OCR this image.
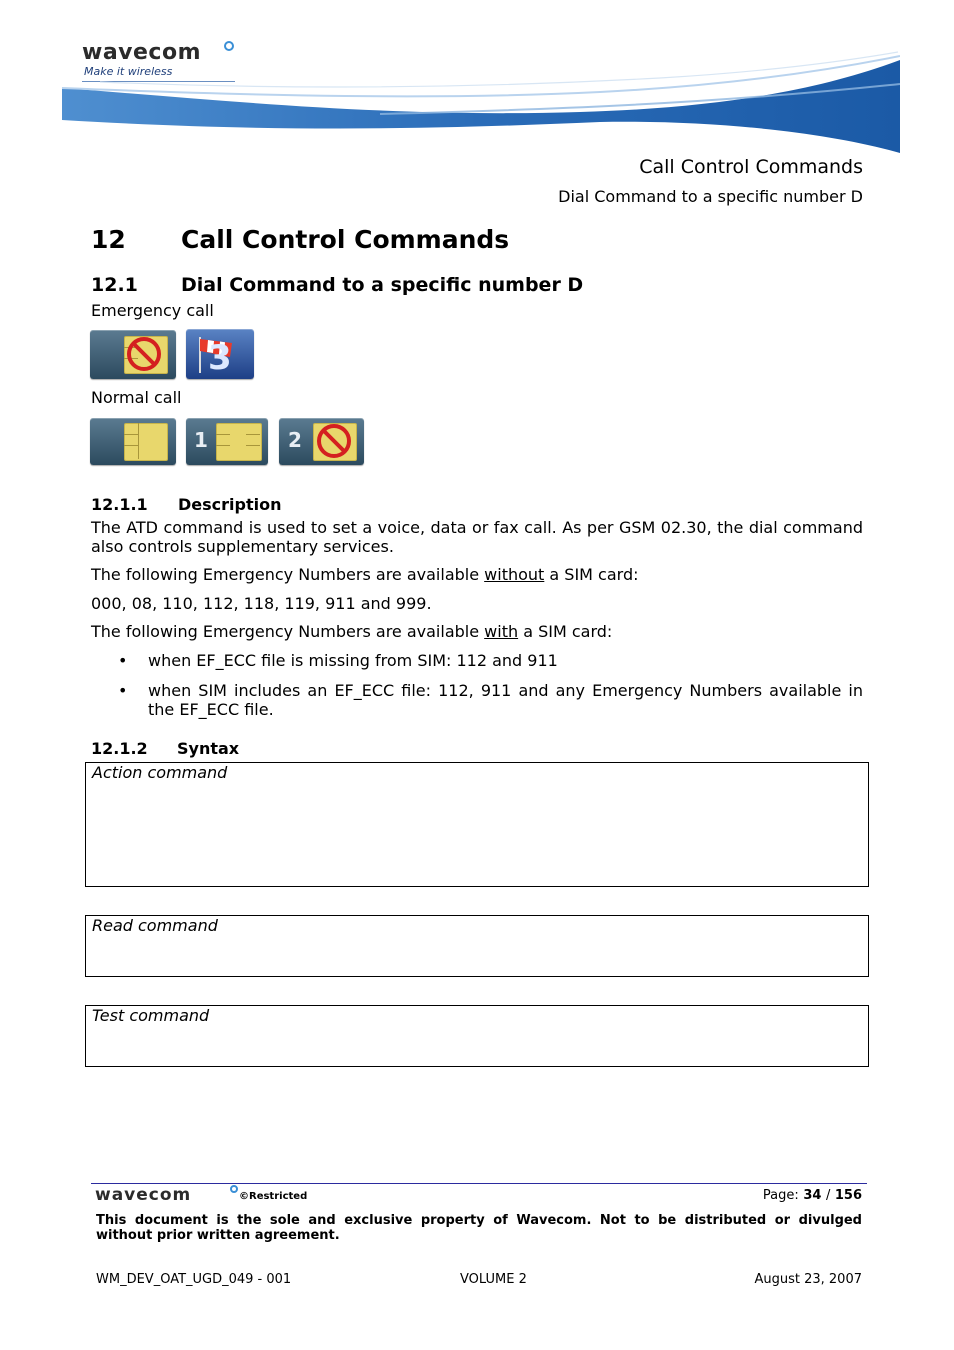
wavecom
Make it wireless
Call Control Commands
Dial Command to a specific number D
12 Call Control Commands
12.1 Dial Command to a specific number D
Emergency call
3
Normal call
1	2
12.1.1 Description
The ATD command is used to set a voice, data or fax call. As per GSM 02.30, the dial command also controls supplementary services.
The following Emergency Numbers are available without a SIM card:
000, 08, 110, 112, 118, 119, 911 and 999.
The following Emergency Numbers are available with a SIM card:
• when EF_ECC file is missing from SIM: 112 and 911
• when SIM includes an EF_ECC file: 112, 911 and any Emergency Numbers available in the EF_ECC file.
12.1.2 Syntax
Action command
Read command
Test command
wavecom	©Restricted	Page: 34 / 156
This document is the sole and exclusive property of Wavecom. Not to be distributed or divulged without prior written agreement.
WM_DEV_OAT_UGD_049 - 001	VOLUME 2	August 23, 2007
